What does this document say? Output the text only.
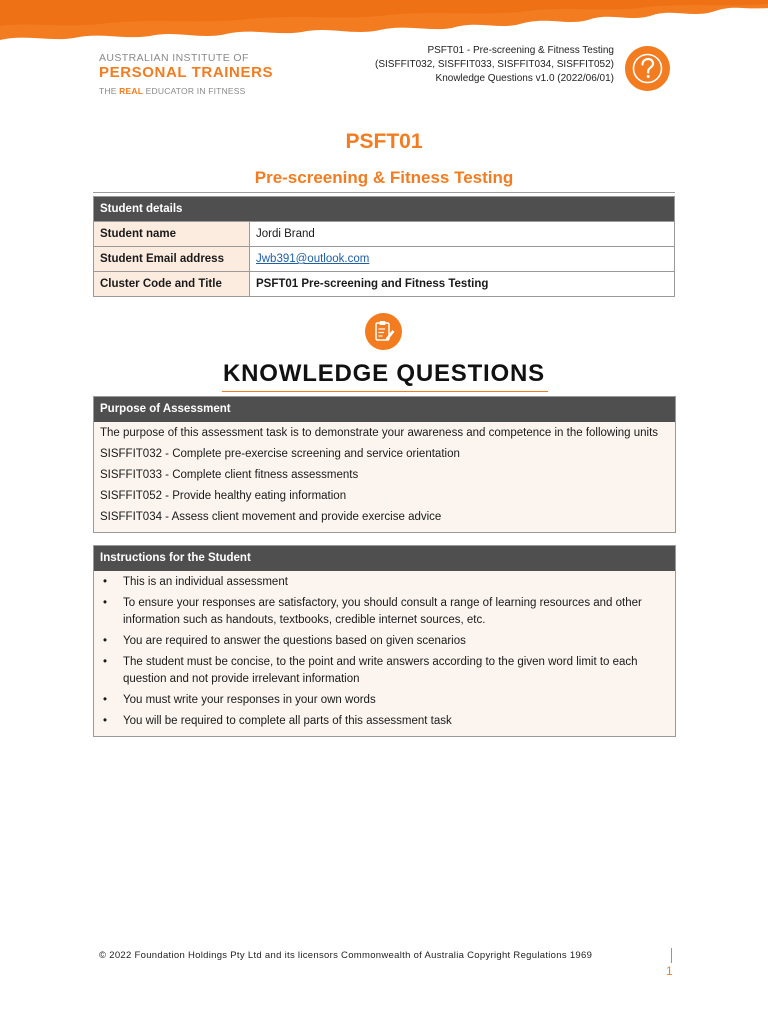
AUSTRALIAN INSTITUTE OF
PERSONAL TRAINERS
THE REAL EDUCATOR IN FITNESS
PSFT01 - Pre-screening & Fitness Testing
(SISFFIT032, SISFFIT033, SISFFIT034, SISFFIT052)
Knowledge Questions v1.0 (2022/06/01)
PSFT01
Pre-screening & Fitness Testing
Student details	
Student name	Jordi Brand
Student Email address	Jwb391@outlook.com
Cluster Code and Title	PSFT01 Pre-screening and Fitness Testing
KNOWLEDGE QUESTIONS
Purpose of Assessment

The purpose of this assessment task is to demonstrate your awareness and competence in the following units

SISFFIT032 - Complete pre-exercise screening and service orientation

SISFFIT033 - Complete client fitness assessments

SISFFIT052 - Provide healthy eating information

SISFFIT034 - Assess client movement and provide exercise advice

Instructions for the Student
• This is an individual assessment
• To ensure your responses are satisfactory, you should consult a range of learning resources and other information such as handouts, textbooks, credible internet sources, etc.
• You are required to answer the questions based on given scenarios
• The student must be concise, to the point and write answers according to the given word limit to each question and not provide irrelevant information
• You must write your responses in your own words
• You will be required to complete all parts of this assessment task
© 2022 Foundation Holdings Pty Ltd and its licensors Commonwealth of Australia Copyright Regulations 1969
1
